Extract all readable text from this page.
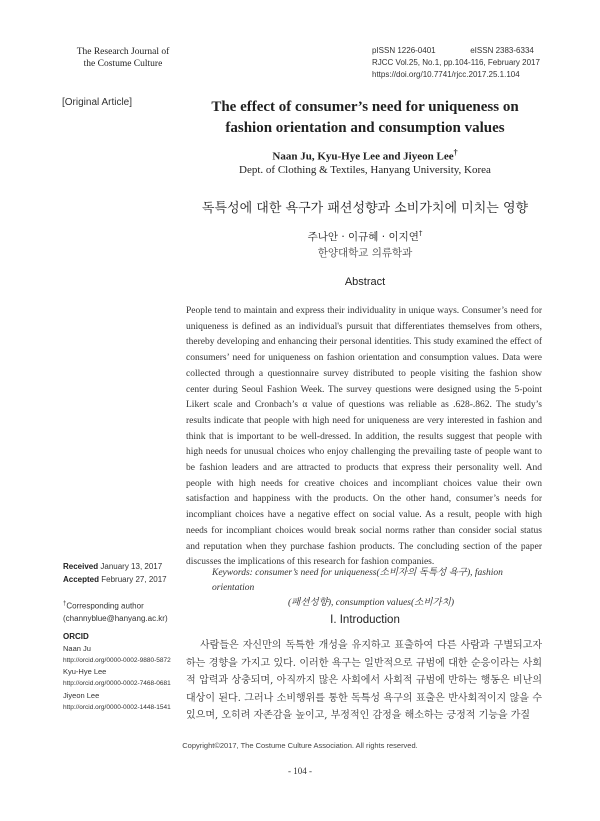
The Research Journal of
the Costume Culture
pISSN 1226-0401	eISSN 2383-6334
RJCC Vol.25, No.1, pp.104-116, February 2017
https://doi.org/10.7741/rjcc.2017.25.1.104
[Original Article]	The effect of consumer’s need for uniqueness on
fashion orientation and consumption values
Naan Ju, Kyu-Hye Lee and Jiyeon Lee†
Dept. of Clothing & Textiles, Hanyang University, Korea
독특성에 대한 욕구가 패션성향과 소비가치에 미치는 영향
주나안 · 이규혜 · 이지연†
한양대학교 의류학과
Abstract
People tend to maintain and express their individuality in unique ways. Consumer’s need for uniqueness is defined as an individual's pursuit that differentiates themselves from others, thereby developing and enhancing their personal identities. This study examined the effect of consumers’ need for uniqueness on fashion orientation and consumption values. Data were collected through a questionnaire survey distributed to people visiting the fashion show center during Seoul Fashion Week. The survey questions were designed using the 5-point Likert scale and Cronbach’s α value of questions was reliable as .628-.862. The study’s results indicate that people with high need for uniqueness are very interested in fashion and think that is important to be well-dressed. In addition, the results suggest that people with high needs for unusual choices who enjoy challenging the prevailing taste of people want to be fashion leaders and are attracted to products that express their personality well. And people with high needs for creative choices and incompliant choices value their own satisfaction and happiness with the products. On the other hand, consumer’s needs for incompliant choices have a negative effect on social value. As a result, people with high needs for incompliant choices would break social norms rather than consider social status and reputation when they purchase fashion products. The concluding section of the paper discusses the implications of this research for fashion companies.
Received January 13, 2017
Accepted February 27, 2017
†Corresponding author
(channyblue@hanyang.ac.kr)
ORCID
Naan Ju
http://orcid.org/0000-0002-9880-5872
Kyu-Hye Lee
http://orcid.org/0000-0002-7468-0681
Jiyeon Lee
http://orcid.org/0000-0002-1448-1541
Keywords: consumer’s need for uniqueness(소비자의 독특성 욕구), fashion orientation
(패션성향), consumption values(소비가치)
I. Introduction
사람들은 자신만의 독특한 개성을 유지하고 표출하여 다른 사람과 구별되고자 하는 경향을 가지고 있다. 이러한 욕구는 일반적으로 규범에 대한 순응이라는 사회적 압력과 상충되며, 아직까지 많은 사회에서 사회적 규범에 반하는 행동은 비난의 대상이 된다. 그러나 소비행위를 통한 독특성 욕구의 표출은 반사회적이지 않을 수 있으며, 오히려 자존감을 높이고, 부정적인 감정을 해소하는 긍정적 기능을 가질
Copyright©2017, The Costume Culture Association. All rights reserved.
- 104 -
